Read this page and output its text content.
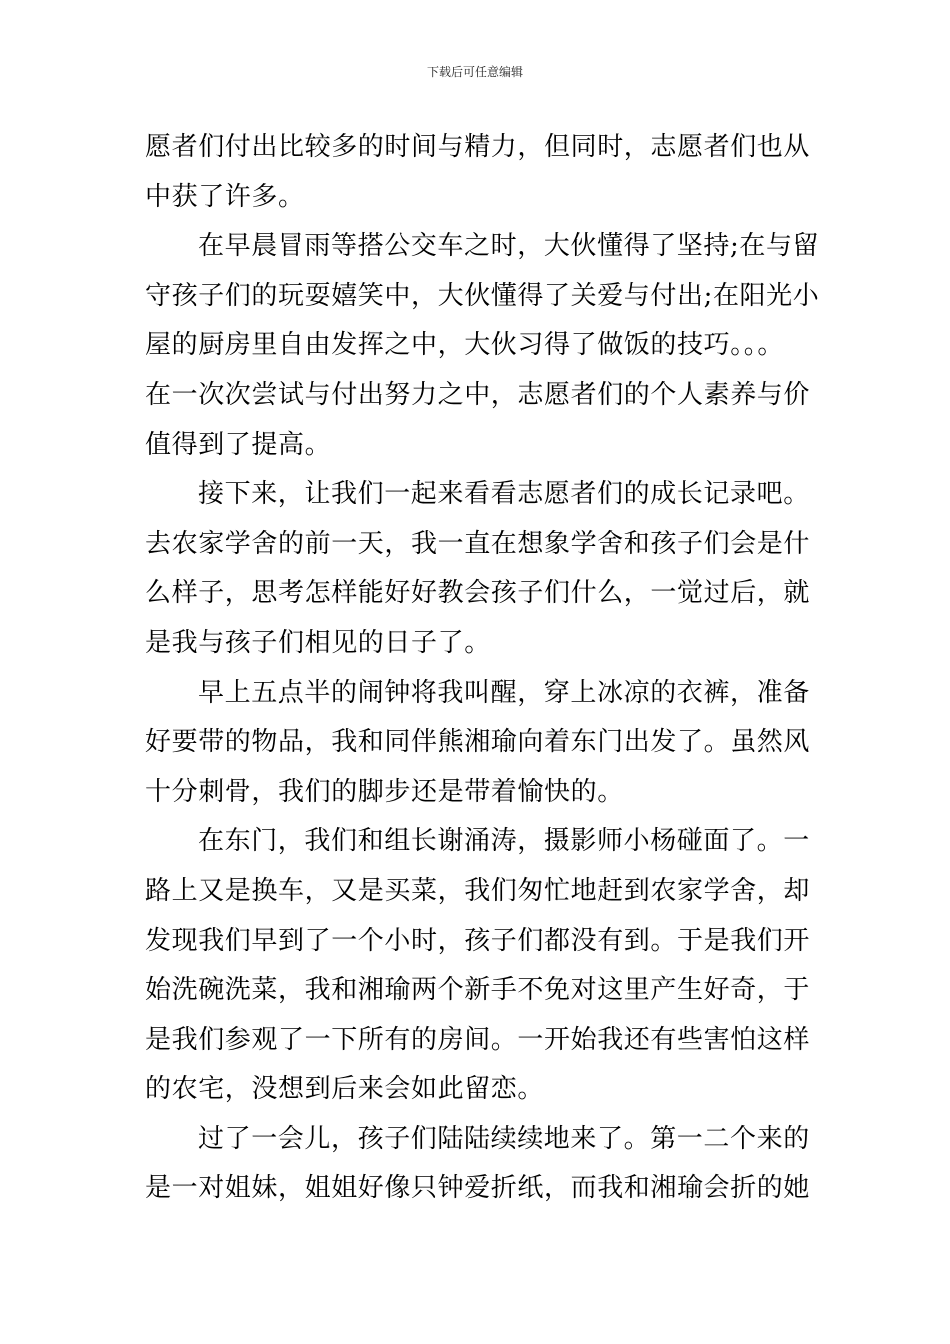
下载后可任意编辑
愿者们付出比较多的时间与精力，但同时，志愿者们也从
中获了许多。
在早晨冒雨等搭公交车之时，大伙懂得了坚持;在与留
守孩子们的玩耍嬉笑中，大伙懂得了关爱与付出;在阳光小
屋的厨房里自由发挥之中，大伙习得了做饭的技巧。。。
在一次次尝试与付出努力之中，志愿者们的个人素养与价
值得到了提高。
接下来，让我们一起来看看志愿者们的成长记录吧。
去农家学舍的前一天，我一直在想象学舍和孩子们会是什
么样子，思考怎样能好好教会孩子们什么，一觉过后，就
是我与孩子们相见的日子了。
早上五点半的闹钟将我叫醒，穿上冰凉的衣裤，准备
好要带的物品，我和同伴熊湘瑜向着东门出发了。虽然风
十分刺骨，我们的脚步还是带着愉快的。
在东门，我们和组长谢涌涛，摄影师小杨碰面了。一
路上又是换车，又是买菜，我们匆忙地赶到农家学舍，却
发现我们早到了一个小时，孩子们都没有到。于是我们开
始洗碗洗菜，我和湘瑜两个新手不免对这里产生好奇，于
是我们参观了一下所有的房间。一开始我还有些害怕这样
的农宅，没想到后来会如此留恋。
过了一会儿，孩子们陆陆续续地来了。第一二个来的
是一对姐妹，姐姐好像只钟爱折纸，而我和湘瑜会折的她
